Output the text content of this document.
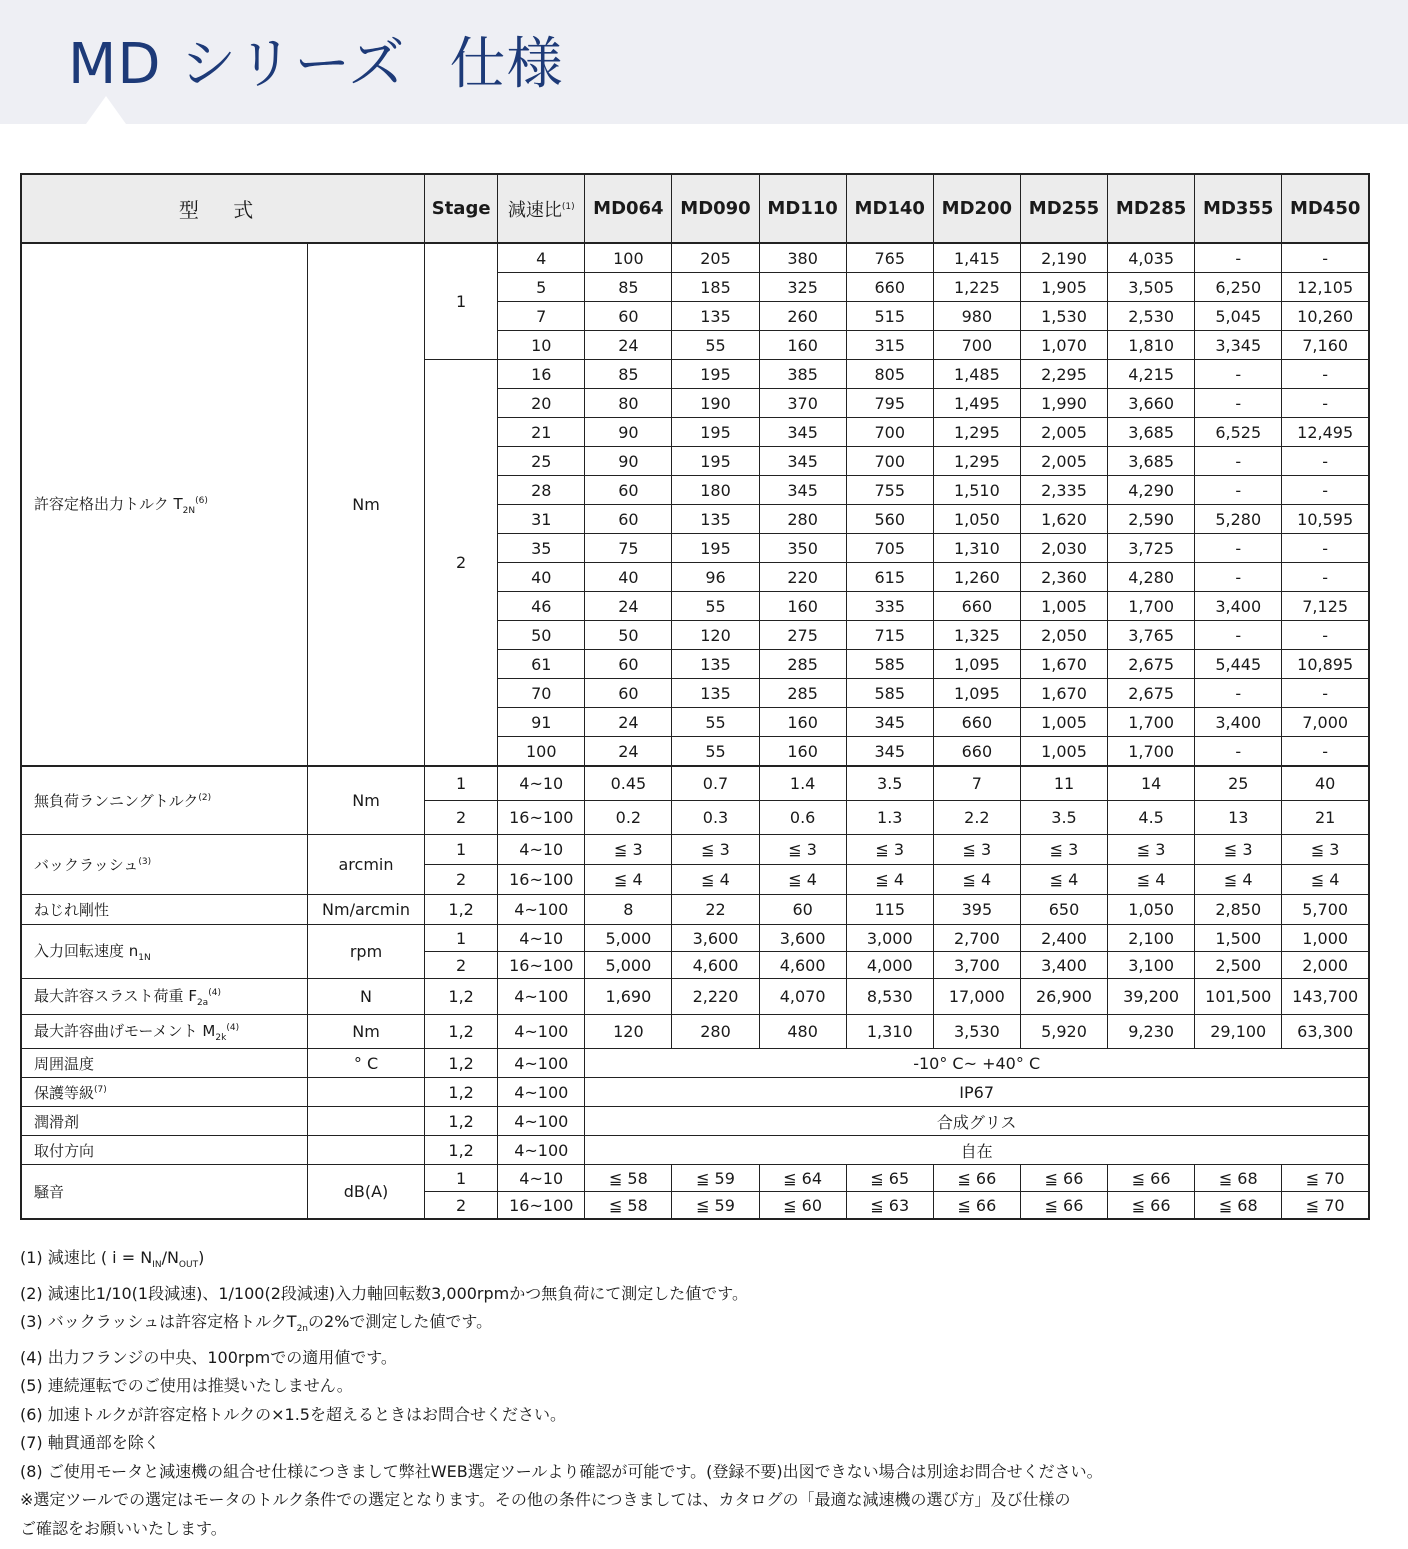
MD シリーズ 仕様
型 式		Stage	減速比$^{(1)}$	MD064	MD090	MD110	MD140	MD200	MD255	MD285	MD355	MD450
許容定格出力トルク $T_{2N}^{(6)}$	Nm	1	4	100	205	380	765	1,415	2,190	4,035	-	-
			5	85	185	325	660	1,225	1,905	3,505	6,250	12,105
			7	60	135	260	515	980	1,530	2,530	5,045	10,260
			10	24	55	160	315	700	1,070	1,810	3,345	7,160
		2	16	85	195	385	805	1,485	2,295	4,215	-	-
			20	80	190	370	795	1,495	1,990	3,660	-	-
			21	90	195	345	700	1,295	2,005	3,685	6,525	12,495
			25	90	195	345	700	1,295	2,005	3,685	-	-
			28	60	180	345	755	1,510	2,335	4,290	-	-
			31	60	135	280	560	1,050	1,620	2,590	5,280	10,595
			35	75	195	350	705	1,310	2,030	3,725	-	-
			40	40	96	220	615	1,260	2,360	4,280	-	-
			46	24	55	160	335	660	1,005	1,700	3,400	7,125
			50	50	120	275	715	1,325	2,050	3,765	-	-
			61	60	135	285	585	1,095	1,670	2,675	5,445	10,895
			70	60	135	285	585	1,095	1,670	2,675	-	-
			91	24	55	160	345	660	1,005	1,700	3,400	7,000
			100	24	55	160	345	660	1,005	1,700	-	-
無負荷ランニングトルク$^{(2)}$	Nm	1	4~10	0.45	0.7	1.4	3.5	7	11	14	25	40
		2	16~100	0.2	0.3	0.6	1.3	2.2	3.5	4.5	13	21
バックラッシュ$^{(3)}$	arcmin	1	4~10	≦ 3	≦ 3	≦ 3	≦ 3	≦ 3	≦ 3	≦ 3	≦ 3	≦ 3
		2	16~100	≦ 4	≦ 4	≦ 4	≦ 4	≦ 4	≦ 4	≦ 4	≦ 4	≦ 4
ねじれ剛性	Nm/arcmin	1,2	4~100	8	22	60	115	395	650	1,050	2,850	5,700
入力回転速度 $n_{1N}$	rpm	1	4~10	5,000	3,600	3,600	3,000	2,700	2,400	2,100	1,500	1,000
		2	16~100	5,000	4,600	4,600	4,000	3,700	3,400	3,100	2,500	2,000
最大許容スラスト荷重 $F_{2a}^{(4)}$	N	1,2	4~100	1,690	2,220	4,070	8,530	17,000	26,900	39,200	101,500	143,700
最大許容曲げモーメント $M_{2k}^{(4)}$	Nm	1,2	4~100	120	280	480	1,310	3,530	5,920	9,230	29,100	63,300
周囲温度	° C	1,2	4~100	-10° C~ +40° C								
保護等級$^{(7)}$		1,2	4~100	IP67								
潤滑剤		1,2	4~100	合成グリス								
取付方向		1,2	4~100	自在								
騒音	dB(A)	1	4~10	≦ 58	≦ 59	≦ 64	≦ 65	≦ 66	≦ 66	≦ 66	≦ 68	≦ 70
		2	16~100	≦ 58	≦ 59	≦ 60	≦ 63	≦ 66	≦ 66	≦ 66	≦ 68	≦ 70
(1) 減速比 ( $i = N_{IN}/N_{OUT}$)
(2) 減速比1/10(1段減速)、1/100(2段減速)入力軸回転数3,000rpmかつ無負荷にて測定した値です。
(3) バックラッシュは許容定格トルク$T_{2n}$の2%で測定した値です。
(4) 出力フランジの中央、100rpmでの適用値です。
(5) 連続運転でのご使用は推奨いたしません。
(6) 加速トルクが許容定格トルクの×1.5を超えるときはお問合せください。
(7) 軸貫通部を除く
(8) ご使用モータと減速機の組合せ仕様につきまして弊社WEB選定ツールより確認が可能です。(登録不要)出図できない場合は別途お問合せください。
※選定ツールでの選定はモータのトルク条件での選定となります。その他の条件につきましては、カタログの「最適な減速機の選び方」及び仕様の
ご確認をお願いいたします。
